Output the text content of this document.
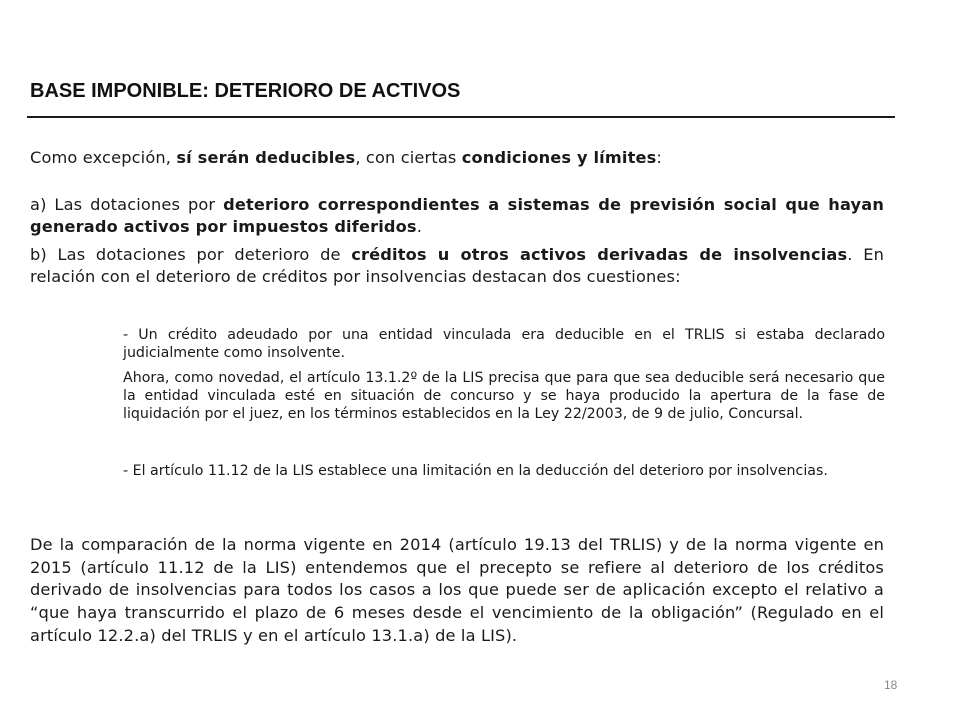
BASE IMPONIBLE: DETERIORO DE ACTIVOS

Como excepción, sí serán deducibles, con ciertas condiciones y límites:

a) Las dotaciones por deterioro correspondientes a sistemas de previsión social que hayan generado activos por impuestos diferidos.

b) Las dotaciones por deterioro de créditos u otros activos derivadas de insolvencias. En relación con el deterioro de créditos por insolvencias destacan dos cuestiones:

- Un crédito adeudado por una entidad vinculada era deducible en el TRLIS si estaba declarado judicialmente como insolvente.

Ahora, como novedad, el artículo 13.1.2º de la LIS precisa que para que sea deducible será necesario que la entidad vinculada esté en situación de concurso y se haya producido la apertura de la fase de liquidación por el juez, en los términos establecidos en la Ley 22/2003, de 9 de julio, Concursal.

- El artículo 11.12 de la LIS establece una limitación en la deducción del deterioro por insolvencias.

De la comparación de la norma vigente en 2014 (artículo 19.13 del TRLIS) y de la norma vigente en 2015 (artículo 11.12 de la LIS) entendemos que el precepto se refiere al deterioro de los créditos derivado de insolvencias para todos los casos a los que puede ser de aplicación excepto el relativo a “que haya transcurrido el plazo de 6 meses desde el vencimiento de la obligación” (Regulado en el artículo 12.2.a) del TRLIS y en el artículo 13.1.a) de la LIS).

18
